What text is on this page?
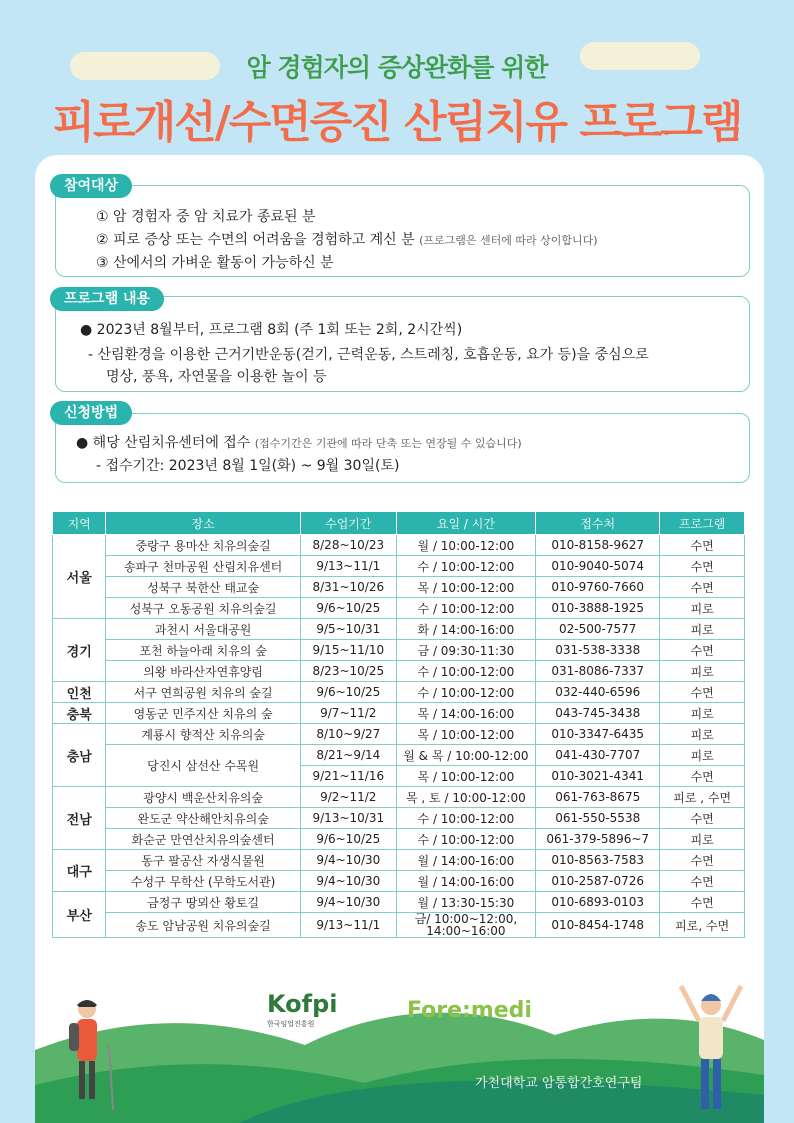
암 경험자의 증상완화를 위한
피로개선/수면증진 산림치유 프로그램
① 암 경험자 중 암 치료가 종료된 분
② 피로 증상 또는 수면의 어려움을 경험하고 계신 분 (프로그램은 센터에 따라 상이합니다)
③ 산에서의 가벼운 활동이 가능하신 분
참여대상
● 2023년 8월부터, 프로그램 8회 (주 1회 또는 2회, 2시간씩)
- 산림환경을 이용한 근거기반운동(걷기, 근력운동, 스트레칭, 호흡운동, 요가 등)을 중심으로
명상, 풍욕, 자연물을 이용한 놀이 등
프로그램 내용
● 해당 산림치유센터에 접수 (접수기간은 기관에 따라 단축 또는 연장될 수 있습니다)
- 접수기간: 2023년 8월 1일(화) ~ 9월 30일(토)
신청방법
지역	장소	수업기간	요일 / 시간	접수처	프로그램
서울	중랑구 용마산 치유의숲길	8/28~10/23	월 / 10:00-12:00	010-8158-9627	수면
	송파구 천마공원 산림치유센터	9/13~11/1	수 / 10:00-12:00	010-9040-5074	수면
	성북구 북한산 태교숲	8/31~10/26	목 / 10:00-12:00	010-9760-7660	수면
	성북구 오동공원 치유의숲길	9/6~10/25	수 / 10:00-12:00	010-3888-1925	피로
경기	과천시 서울대공원	9/5~10/31	화 / 14:00-16:00	02-500-7577	피로
	포천 하늘아래 치유의 숲	9/15~11/10	금 / 09:30-11:30	031-538-3338	수면
	의왕 바라산자연휴양림	8/23~10/25	수 / 10:00-12:00	031-8086-7337	피로
인천	서구 연희공원 치유의 숲길	9/6~10/25	수 / 10:00-12:00	032-440-6596	수면
충북	영동군 민주지산 치유의 숲	9/7~11/2	목 / 14:00-16:00	043-745-3438	피로
충남	계룡시 향적산 치유의숲	8/10~9/27	목 / 10:00-12:00	010-3347-6435	피로
	당진시 삼선산 수목원	8/21~9/14	월 & 목 / 10:00-12:00	041-430-7707	피로
		9/21~11/16	목 / 10:00-12:00	010-3021-4341	수면
전남	광양시 백운산치유의숲	9/2~11/2	목 , 토 / 10:00-12:00	061-763-8675	피로 , 수면
	완도군 약산해안치유의숲	9/13~10/31	수 / 10:00-12:00	061-550-5538	수면
	화순군 만연산치유의숲센터	9/6~10/25	수 / 10:00-12:00	061-379-5896~7	피로
대구	동구 팔공산 자생식물원	9/4~10/30	월 / 14:00-16:00	010-8563-7583	수면
	수성구 무학산 (무학도서관)	9/4~10/30	월 / 14:00-16:00	010-2587-0726	수면
부산	금정구 땅뫼산 황토길	9/4~10/30	월 / 13:30-15:30	010-6893-0103	수면
	송도 암남공원 치유의숲길	9/13~11/1	금/ 10:00~12:00, 14:00~16:00	010-8454-1748	피로, 수면
Kofpi
한국임업진흥원
Fore:medi
가천대학교 암통합간호연구팀
